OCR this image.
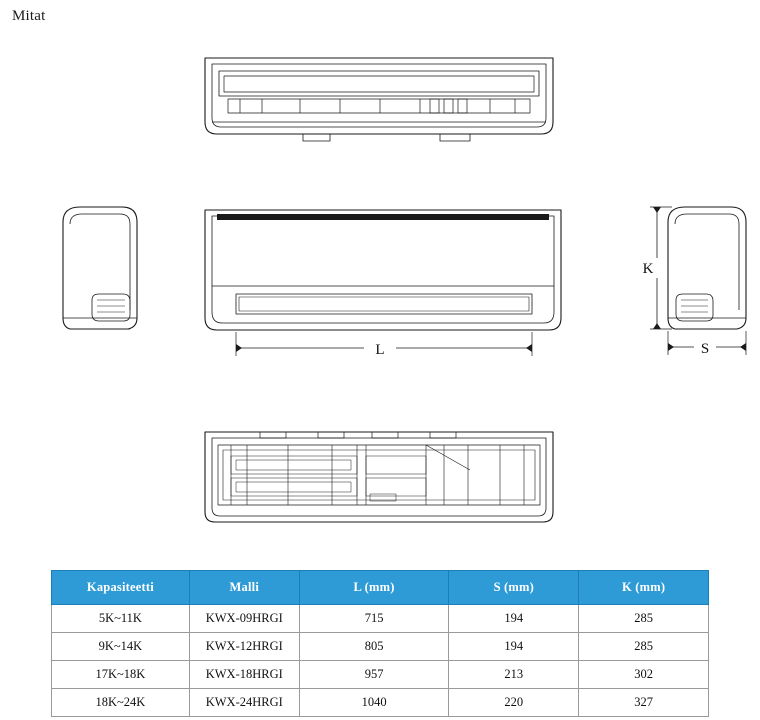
Mitat
L	S
K
Kapasiteetti	Malli	L (mm)	S (mm)	K (mm)
5K~11K	KWX-09HRGI	715	194	285
9K~14K	KWX-12HRGI	805	194	285
17K~18K	KWX-18HRGI	957	213	302
18K~24K	KWX-24HRGI	1040	220	327
